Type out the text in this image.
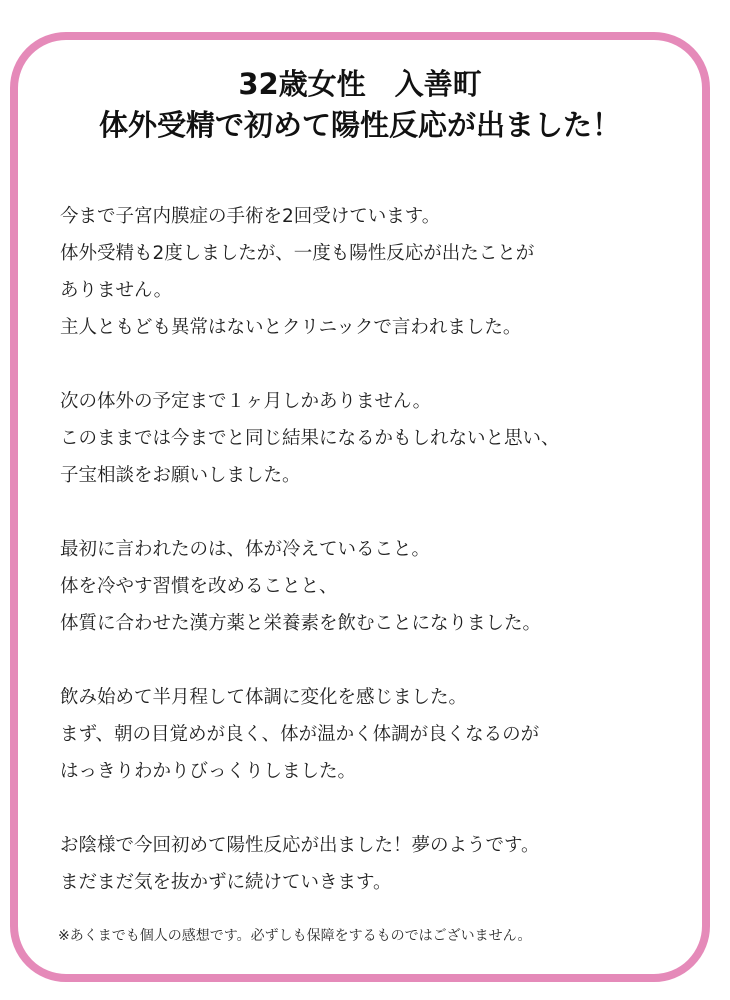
32歳女性　入善町
体外受精で初めて陽性反応が出ました！
今まで子宮内膜症の手術を2回受けています。
体外受精も2度しましたが、一度も陽性反応が出たことが
ありません。
主人ともども異常はないとクリニックで言われました。
次の体外の予定まで１ヶ月しかありません。
このままでは今までと同じ結果になるかもしれないと思い、
子宝相談をお願いしました。
最初に言われたのは、体が冷えていること。
体を冷やす習慣を改めることと、
体質に合わせた漢方薬と栄養素を飲むことになりました。
飲み始めて半月程して体調に変化を感じました。
まず、朝の目覚めが良く、体が温かく体調が良くなるのが
はっきりわかりびっくりしました。
お陰様で今回初めて陽性反応が出ました！夢のようです。
まだまだ気を抜かずに続けていきます。
※あくまでも個人の感想です。必ずしも保障をするものではございません。
